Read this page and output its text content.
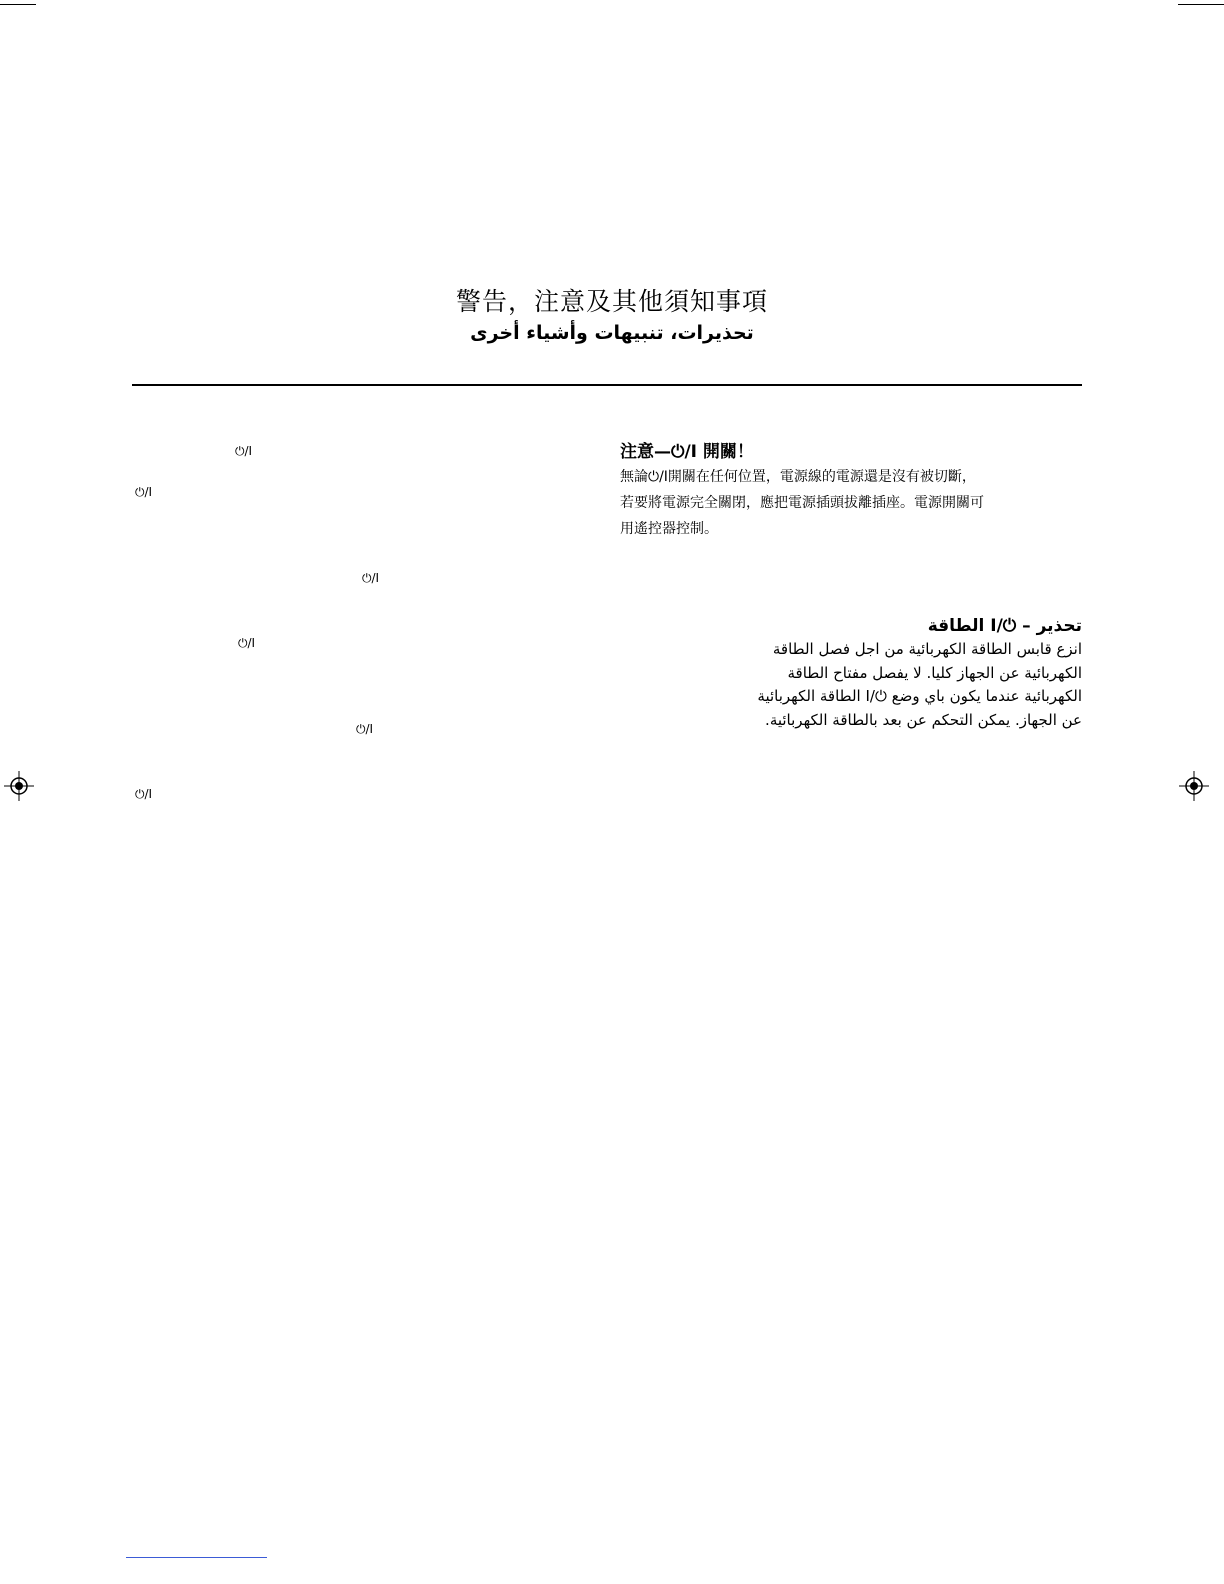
警告，注意及其他須知事項
تحذيرات، تنبيهات وأشياء أخرى
⏻/I
⏻/I
⏻/I
⏻/I
⏻/I
⏻/I
注意—⏻/I 開關！
無論⏻/I開關在任何位置，電源線的電源還是沒有被切斷，
若要將電源完全關閉，應把電源插頭拔離插座。電源開關可
用遙控器控制。
تحذير – ⏻/I الطاقة
انزع قابس الطاقة الكهربائية من اجل فصل الطاقة
الكهربائية عن الجهاز كليا. لا يفصل مفتاح الطاقة
الكهربائية عندما يكون باي وضع ⏻/I الطاقة الكهربائية
عن الجهاز. يمكن التحكم عن بعد بالطاقة الكهربائية.
